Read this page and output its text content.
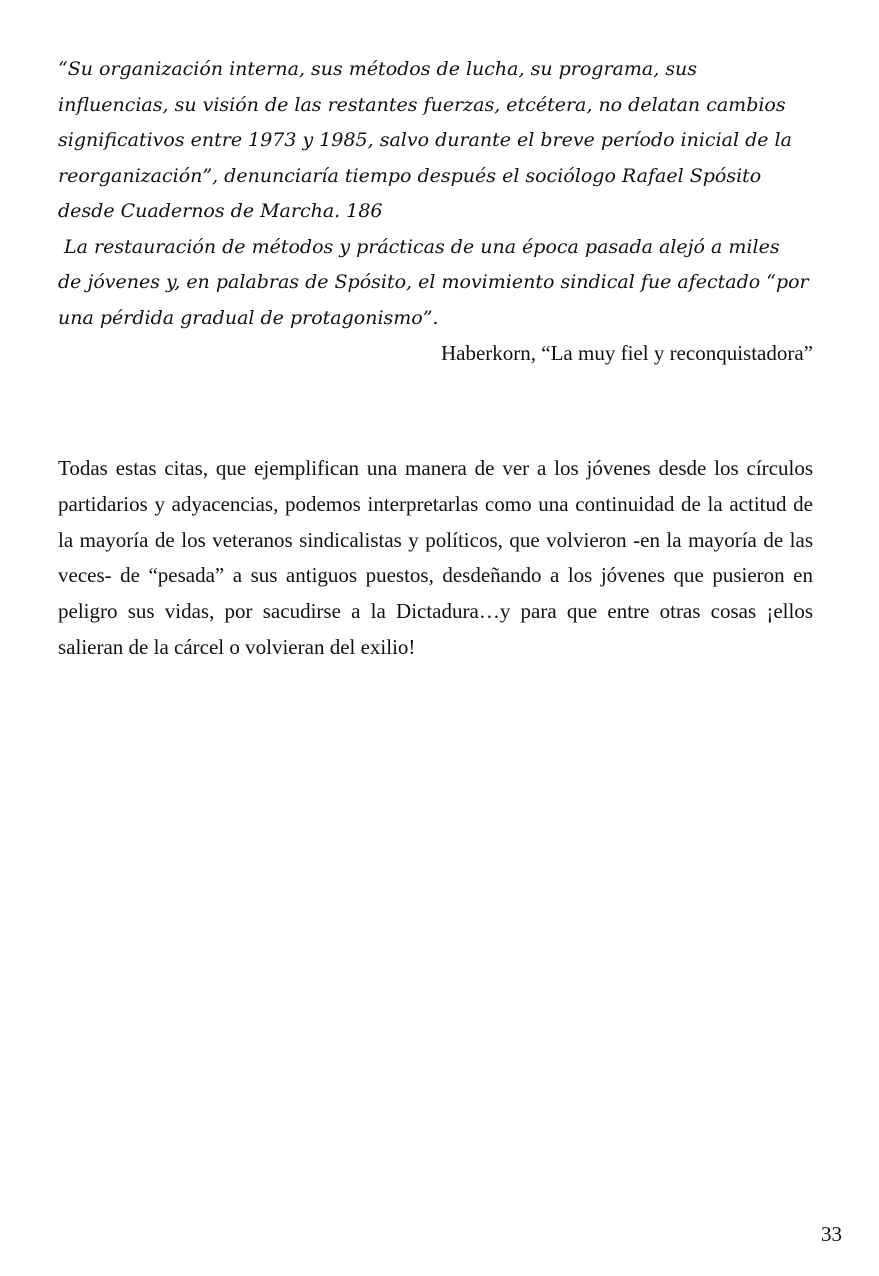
“Su organización interna, sus métodos de lucha, su programa, sus
influencias, su visión de las restantes fuerzas, etcétera, no delatan cambios
significativos entre 1973 y 1985, salvo durante el breve período inicial de la
reorganización”, denunciaría tiempo después el sociólogo Rafael Spósito
desde Cuadernos de Marcha. 186
La restauración de métodos y prácticas de una época pasada alejó a miles
de jóvenes y, en palabras de Spósito, el movimiento sindical fue afectado “por
una pérdida gradual de protagonismo”.

Haberkorn, “La muy fiel y reconquistadora”

Todas estas citas, que ejemplifican una manera de ver a los jóvenes desde los círculos partidarios y adyacencias, podemos interpretarlas como una continuidad de la actitud de la mayoría de los veteranos sindicalistas y políticos, que volvieron -en la mayoría de las veces- de “pesada” a sus antiguos puestos, desdeñando a los jóvenes que pusieron en peligro sus vidas, por sacudirse a la Dictadura…y para que entre otras cosas ¡ellos salieran de la cárcel o volvieran del exilio!

33
